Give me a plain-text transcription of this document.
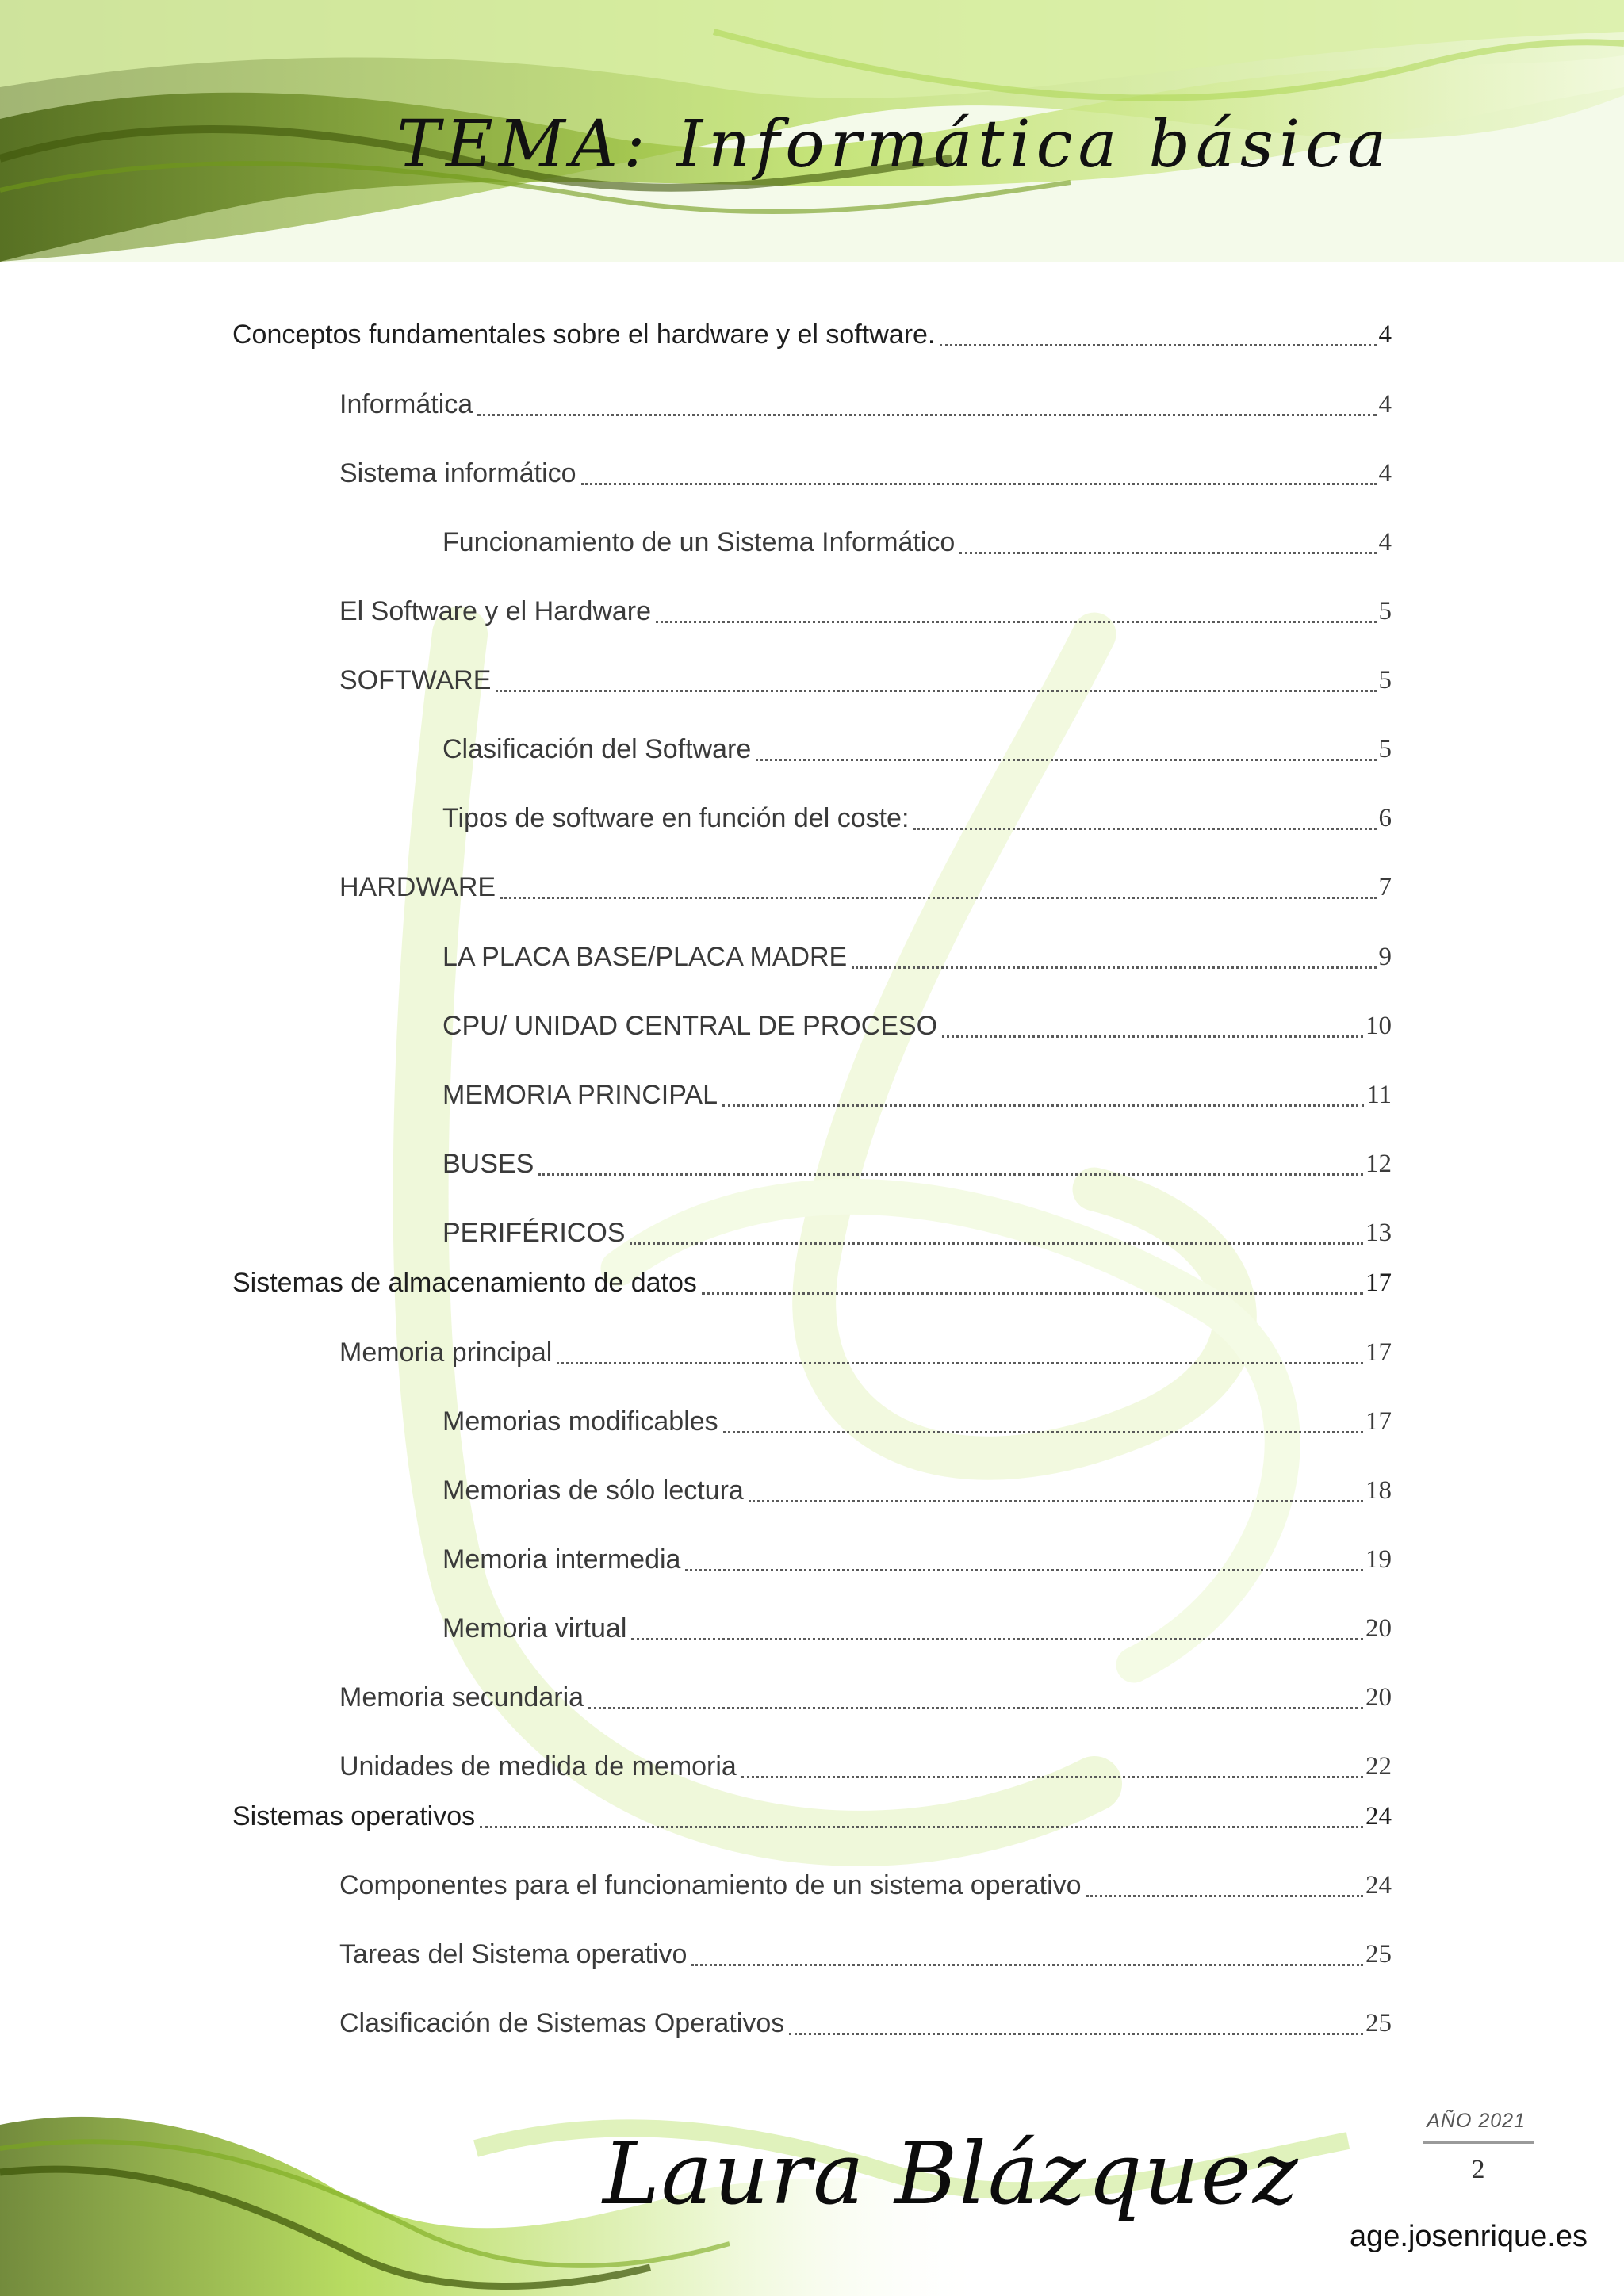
TEMA: Informática básica
Conceptos fundamentales sobre el hardware y el software.	4
Informática	4
Sistema informático	4
Funcionamiento de un Sistema Informático	4
El Software y el Hardware	5
SOFTWARE	5
Clasificación del Software	5
Tipos de software en función del coste:	6
HARDWARE	7
LA PLACA BASE/PLACA MADRE	9
CPU/ UNIDAD CENTRAL DE PROCESO	10
MEMORIA PRINCIPAL	11
BUSES	12
PERIFÉRICOS	13
Sistemas de almacenamiento de datos	17
Memoria principal	17
Memorias modificables	17
Memorias de sólo lectura	18
Memoria intermedia	19
Memoria virtual	20
Memoria secundaria	20
Unidades de medida de memoria	22
Sistemas operativos	24
Componentes para el funcionamiento de un sistema operativo	24
Tareas del Sistema operativo	25
Clasificación de Sistemas Operativos	25
Laura Blázquez
AÑO 2021
2
age.josenrique.es
